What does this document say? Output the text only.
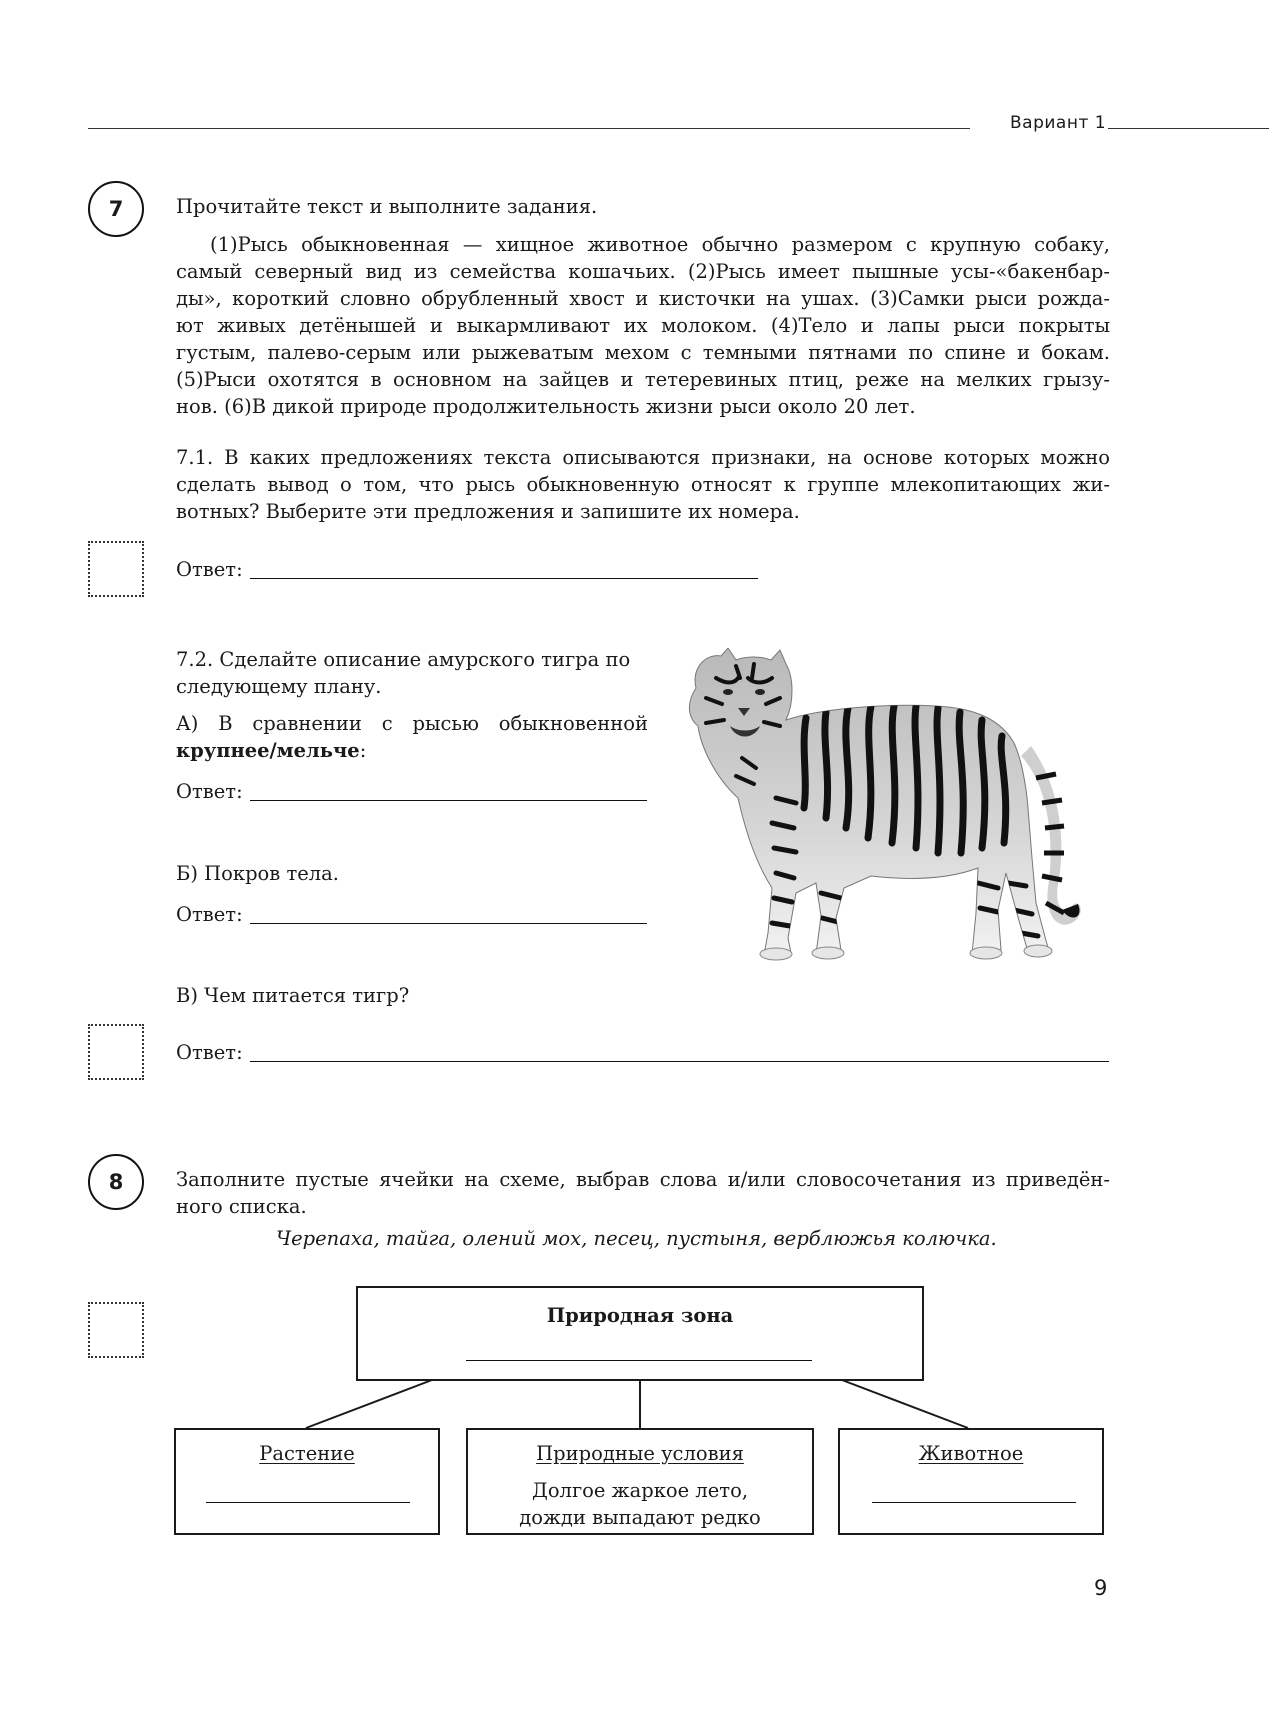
Вариант 1
7	Прочитайте текст и выполните задания.
(1)Рысь обыкновенная — хищное животное обычно размером с крупную собаку,
самый северный вид из семейства кошачьих. (2)Рысь имеет пышные усы-«бакенбар-
ды», короткий словно обрубленный хвост и кисточки на ушах. (3)Самки рыси рожда-
ют живых детёнышей и выкармливают их молоком. (4)Тело и лапы рыси покрыты
густым, палево-серым или рыжеватым мехом с темными пятнами по спине и бокам.
(5)Рыси охотятся в основном на зайцев и тетеревиных птиц, реже на мелких грызу-
нов. (6)В дикой природе продолжительность жизни рыси около 20 лет.
7.1. В каких предложениях текста описываются признаки, на основе которых можно
сделать вывод о том, что рысь обыкновенную относят к группе млекопитающих жи-
вотных? Выберите эти предложения и запишите их номера.
Ответ:
7.2. Сделайте описание амурского тигра по
следующему плану.
А) В сравнении с рысью обыкновенной
крупнее/мельче:
Ответ:
Б) Покров тела.
Ответ:
В) Чем питается тигр?
Ответ:
8	Заполните пустые ячейки на схеме, выбрав слова и/или словосочетания из приведён-
ного списка.
Черепаха, тайга, олений мох, песец, пустыня, верблюжья колючка.
Природная зона
Растение	Природные условия
Долгое жаркое лето,
дожди выпадают редко
Животное
9
